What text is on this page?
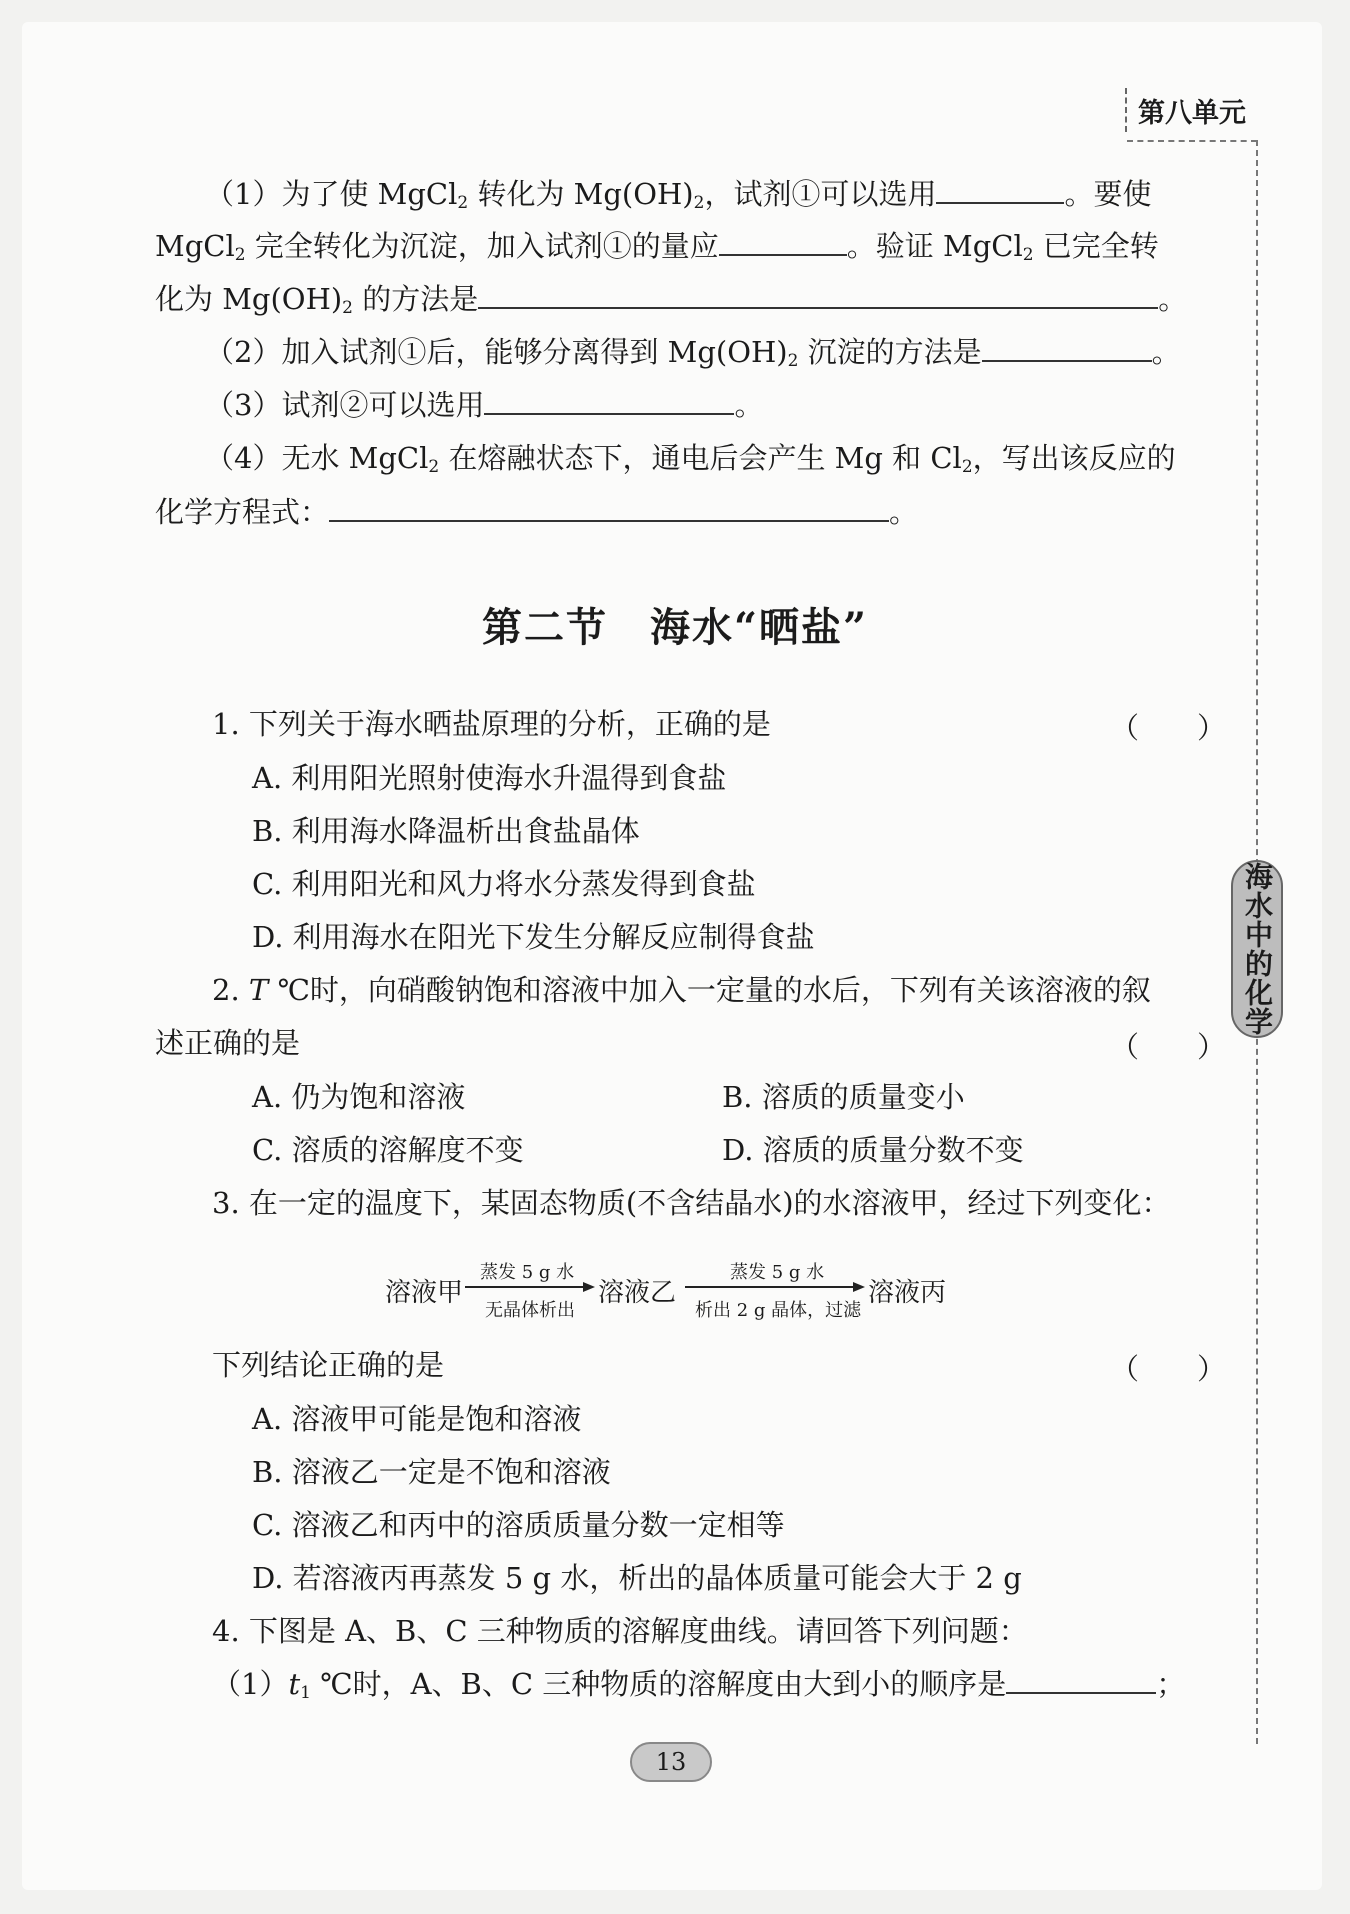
第八单元
海水中的化学
（1）为了使 MgCl$_2$ 转化为 $Mg(OH)_2$，试剂①可以选用	。要使
MgCl$_2$ 完全转化为沉淀，加入试剂①的量应	。验证 MgCl$_2$ 已完全转
化为 $Mg(OH)_2$ 的方法是	。
（2）加入试剂①后，能够分离得到 $Mg(OH)_2$ 沉淀的方法是	。
（3）试剂②可以选用	。
（4）无水 MgCl$_2$ 在熔融状态下，通电后会产生 Mg 和 $Cl_2$，写出该反应的
化学方程式：	。
第二节　海水“晒盐”
1. 下列关于海水晒盐原理的分析，正确的是	（　　）
A. 利用阳光照射使海水升温得到食盐
B. 利用海水降温析出食盐晶体
C. 利用阳光和风力将水分蒸发得到食盐
D. 利用海水在阳光下发生分解反应制得食盐
2. T ℃时，向硝酸钠饱和溶液中加入一定量的水后，下列有关该溶液的叙
述正确的是	（　　）
A. 仍为饱和溶液	B. 溶质的质量变小
C. 溶质的溶解度不变	D. 溶质的质量分数不变
3. 在一定的温度下，某固态物质(不含结晶水)的水溶液甲，经过下列变化：
溶液甲
蒸发 5 g 水
无晶体析出
溶液乙
蒸发 5 g 水
析出 2 g 晶体，过滤
溶液丙
下列结论正确的是	（　　）
A. 溶液甲可能是饱和溶液
B. 溶液乙一定是不饱和溶液
C. 溶液乙和丙中的溶质质量分数一定相等
D. 若溶液丙再蒸发 5 g 水，析出的晶体质量可能会大于 2 g
4. 下图是 A、B、C 三种物质的溶解度曲线。请回答下列问题：
$(1)t_1$ ℃时，A、B、C 三种物质的溶解度由大到小的顺序是	；
13
